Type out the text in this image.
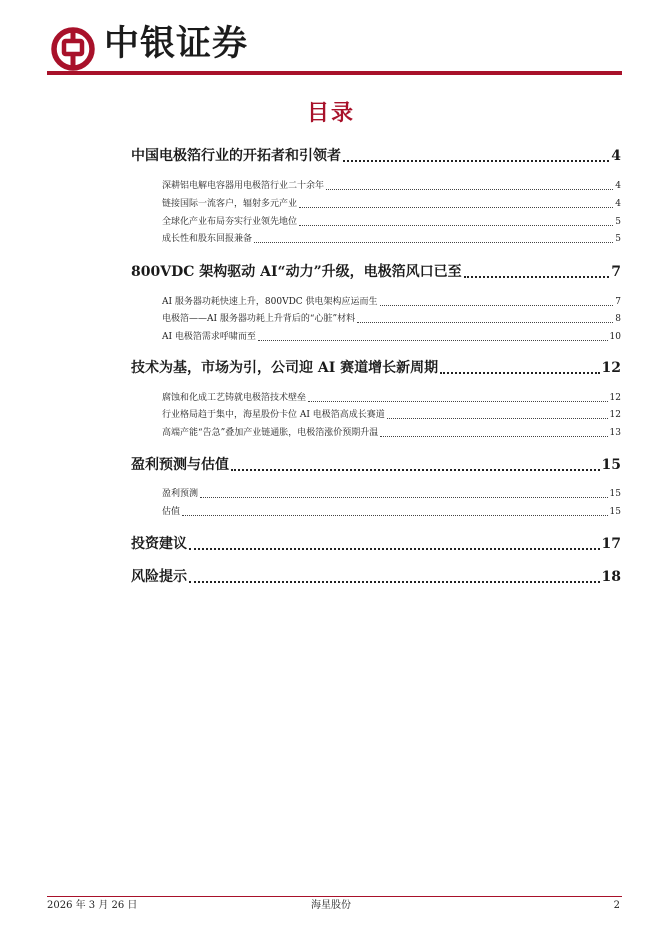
中银证券
目录
中国电极箔行业的开拓者和引领者	4
深耕铝电解电容器用电极箔行业二十余年	4
链接国际一流客户，辐射多元产业	4
全球化产业布局夯实行业领先地位	5
成长性和股东回报兼备	5
800VDC 架构驱动 AI“动力”升级，电极箔风口已至	7
AI 服务器功耗快速上升，800VDC 供电架构应运而生	7
电极箔——AI 服务器功耗上升背后的“心脏”材料	8
AI 电极箔需求呼啸而至	10
技术为基，市场为引，公司迎 AI 赛道增长新周期	12
腐蚀和化成工艺铸就电极箔技术壁垒	12
行业格局趋于集中，海星股份卡位 AI 电极箔高成长赛道	12
高端产能“告急”叠加产业链通胀，电极箔涨价预期升温	13
盈利预测与估值	15
盈利预测	15
估值	15
投资建议	17
风险提示	18
2026 年 3 月 26 日	海星股份	2
